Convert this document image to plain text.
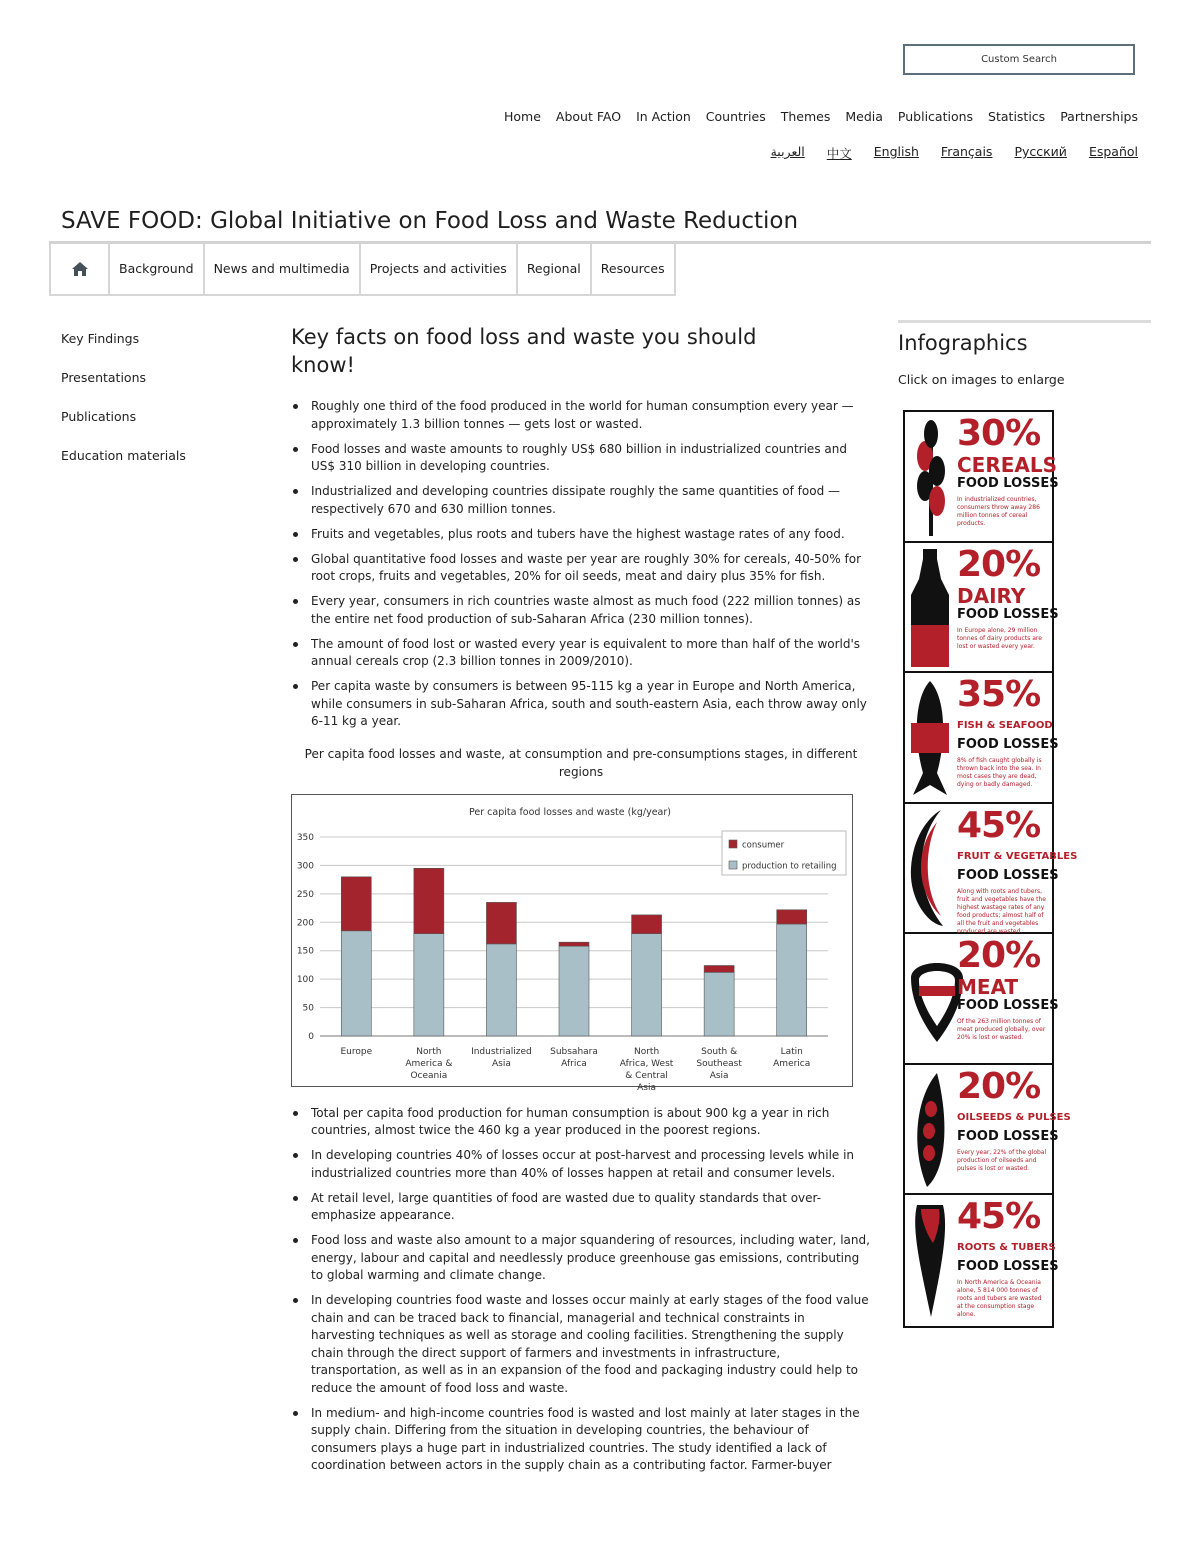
Custom Search
Home About FAO In Action Countries Themes Media Publications Statistics Partnerships
العربية 中文 English Français Русский Español
SAVE FOOD: Global Initiative on Food Loss and Waste Reduction
Background	News and multimedia	Projects and activities	Regional	Resources
Key Findings
Presentations
Publications
Education materials
Key facts on food loss and waste you should know!
Roughly one third of the food produced in the world for human consumption every year — approximately 1.3 billion tonnes — gets lost or wasted.
Food losses and waste amounts to roughly US$ 680 billion in industrialized countries and US$ 310 billion in developing countries.
Industrialized and developing countries dissipate roughly the same quantities of food — respectively 670 and 630 million tonnes.
Fruits and vegetables, plus roots and tubers have the highest wastage rates of any food.
Global quantitative food losses and waste per year are roughly 30% for cereals, 40-50% for root crops, fruits and vegetables, 20% for oil seeds, meat and dairy plus 35% for fish.
Every year, consumers in rich countries waste almost as much food (222 million tonnes) as the entire net food production of sub-Saharan Africa (230 million tonnes).
The amount of food lost or wasted every year is equivalent to more than half of the world's annual cereals crop (2.3 billion tonnes in 2009/2010).
Per capita waste by consumers is between 95-115 kg a year in Europe and North America, while consumers in sub-Saharan Africa, south and south-eastern Asia, each throw away only 6-11 kg a year.
Per capita food losses and waste, at consumption and pre-consumptions stages, in different regions
Per capita food losses and waste (kg/year)
0
50
100
150
200
250
300
350
Europe	North
America &
Oceania
Industrialized
Asia
Subsahara
Africa
North
Africa, West
& Central
Asia
South &
Southeast
Asia
Latin
America
consumer
production to retailing
Total per capita food production for human consumption is about 900 kg a year in rich countries, almost twice the 460 kg a year produced in the poorest regions.
In developing countries 40% of losses occur at post-harvest and processing levels while in industrialized countries more than 40% of losses happen at retail and consumer levels.
At retail level, large quantities of food are wasted due to quality standards that over-emphasize appearance.
Food loss and waste also amount to a major squandering of resources, including water, land, energy, labour and capital and needlessly produce greenhouse gas emissions, contributing to global warming and climate change.
In developing countries food waste and losses occur mainly at early stages of the food value chain and can be traced back to financial, managerial and technical constraints in harvesting techniques as well as storage and cooling facilities. Strengthening the supply chain through the direct support of farmers and investments in infrastructure, transportation, as well as in an expansion of the food and packaging industry could help to reduce the amount of food loss and waste.
In medium- and high-income countries food is wasted and lost mainly at later stages in the supply chain. Differing from the situation in developing countries, the behaviour of consumers plays a huge part in industrialized countries. The study identified a lack of coordination between actors in the supply chain as a contributing factor. Farmer-buyer
Infographics
Click on images to enlarge
30%
CEREALS
FOOD LOSSES
In industrialized countries, consumers throw away 286 million tonnes of cereal products.
20%
DAIRY
FOOD LOSSES
In Europe alone, 29 million tonnes of dairy products are lost or wasted every year.
35%
FISH & SEAFOOD
FOOD LOSSES
8% of fish caught globally is thrown back into the sea. In most cases they are dead, dying or badly damaged.
45%
FRUIT & VEGETABLES
FOOD LOSSES
Along with roots and tubers, fruit and vegetables have the highest wastage rates of any food products; almost half of all the fruit and vegetables produced are wasted.
20%
MEAT
FOOD LOSSES
Of the 263 million tonnes of meat produced globally, over 20% is lost or wasted.
20%
OILSEEDS & PULSES
FOOD LOSSES
Every year, 22% of the global production of oilseeds and pulses is lost or wasted.
45%
ROOTS & TUBERS
FOOD LOSSES
In North America & Oceania alone, 5 814 000 tonnes of roots and tubers are wasted at the consumption stage alone.
